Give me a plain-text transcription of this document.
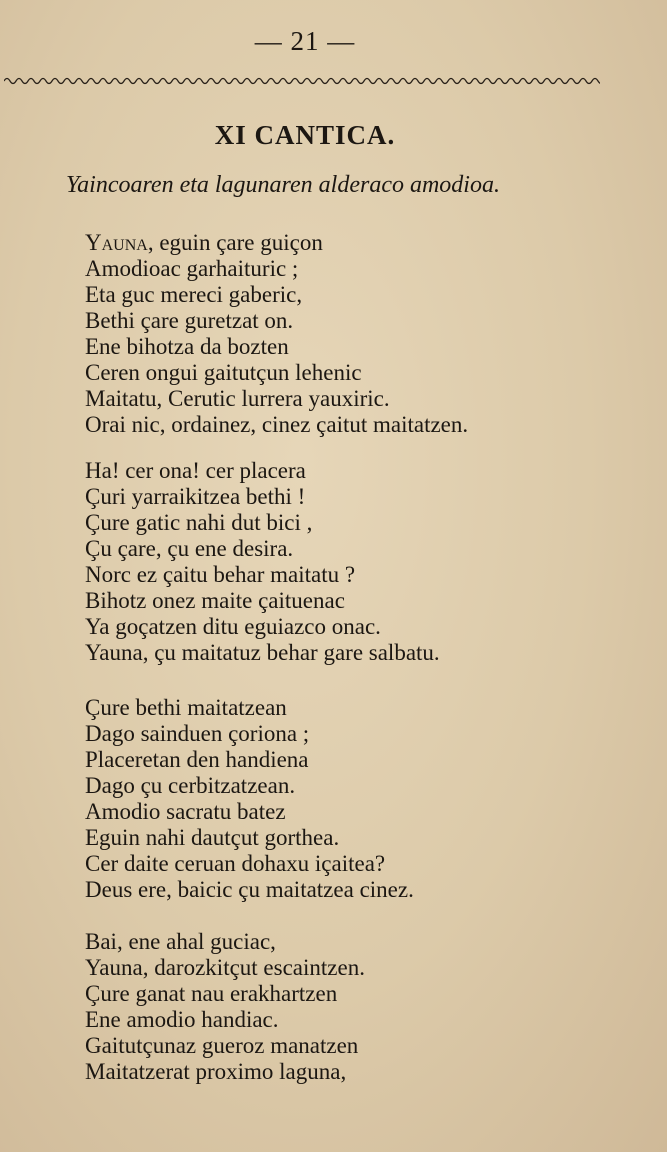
— 21 —
XI CANTICA.
Yaincoaren eta lagunaren alderaco amodioa.
Yauna, eguin çare guiçon
Amodioac garhaituric ;
Eta guc mereci gaberic,
Bethi çare guretzat on.
Ene bihotza da bozten
Ceren ongui gaitutçun lehenic
Maitatu, Cerutic lurrera yauxiric.
Orai nic, ordainez, cinez çaitut maitatzen.
Ha! cer ona! cer placera
Çuri yarraikitzea bethi !
Çure gatic nahi dut bici ,
Çu çare, çu ene desira.
Norc ez çaitu behar maitatu ?
Bihotz onez maite çaituenac
Ya goçatzen ditu eguiazco onac.
Yauna, çu maitatuz behar gare salbatu.
Çure bethi maitatzean
Dago sainduen çoriona ;
Placeretan den handiena
Dago çu cerbitzatzean.
Amodio sacratu batez
Eguin nahi dautçut gorthea.
Cer daite ceruan dohaxu içaitea?
Deus ere, baicic çu maitatzea cinez.
Bai, ene ahal guciac,
Yauna, darozkitçut escaintzen.
Çure ganat nau erakhartzen
Ene amodio handiac.
Gaitutçunaz gueroz manatzen
Maitatzerat proximo laguna,
